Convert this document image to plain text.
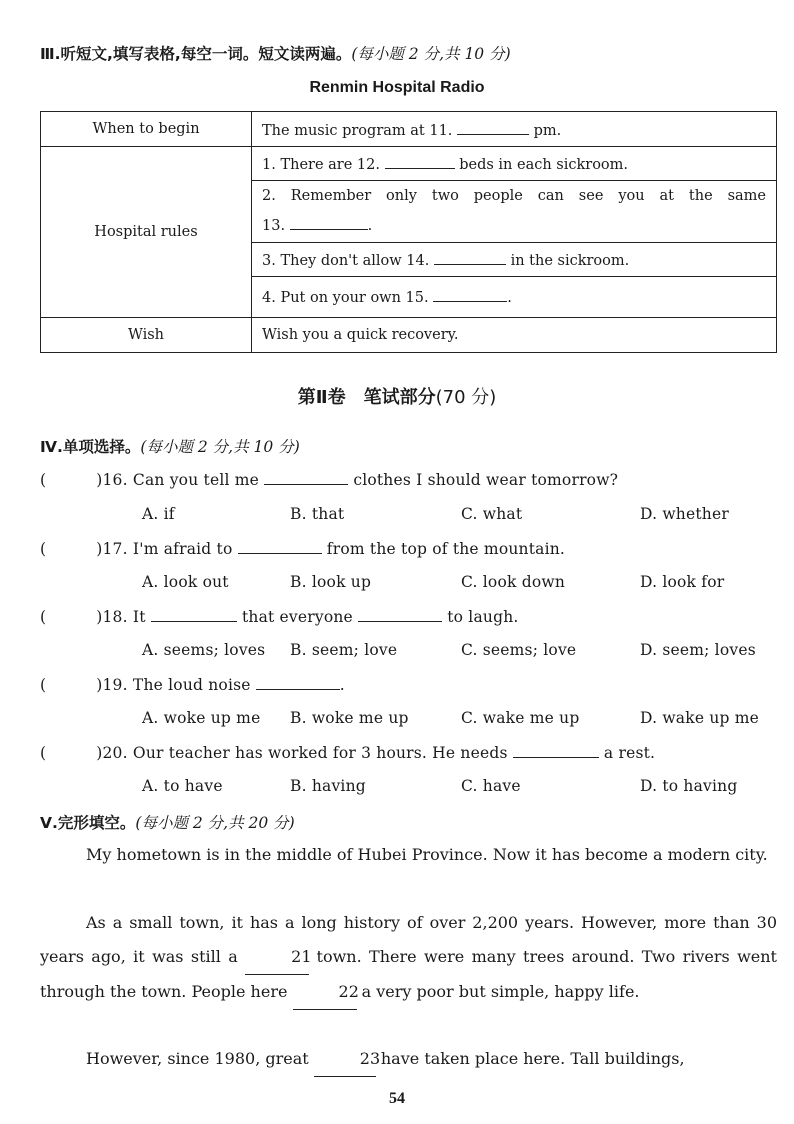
Ⅲ.听短文,填写表格,每空一词。短文读两遍。(每小题 2 分,共 10 分)
Renmin Hospital Radio
When to begin	The music program at 11. pm.
Hospital rules	1. There are 12. beds in each sickroom.

	2. Remember only two people can see you at the same
13. .

	3. They don't allow 14. in the sickroom.
	4. Put on your own 15. .
Wish	Wish you a quick recovery.
第Ⅱ卷　笔试部分(70 分)
Ⅳ.单项选择。(每小题 2 分,共 10 分)
(	)16. Can you tell me	clothes I should wear tomorrow?
A. if	B. that	C. what	D. whether
(	)17. I'm afraid to	from the top of the mountain.
A. look out	B. look up	C. look down	D. look for
(	)18. It	that everyone	to laugh.
A. seems; loves B. seem; love	C. seems; love	D. seem; loves
(	)19. The loud noise	.
A. woke up me B. woke me up	C. wake me up	D. wake up me
(	)20. Our teacher has worked for 3 hours. He needs	a rest.
A. to have	B. having	C. have	D. to having
Ⅴ.完形填空。(每小题 2 分,共 20 分)
My hometown is in the middle of Hubei Province. Now it has become a modern city.
As a small town, it has a long history of over 2,200 years. However, more than 30 years ago, it was still a	21 town. There were many trees around. Two rivers went through the town. People here	22 a very poor but simple, happy life.
However, since 1980, great	23 have taken place here. Tall buildings,
54
